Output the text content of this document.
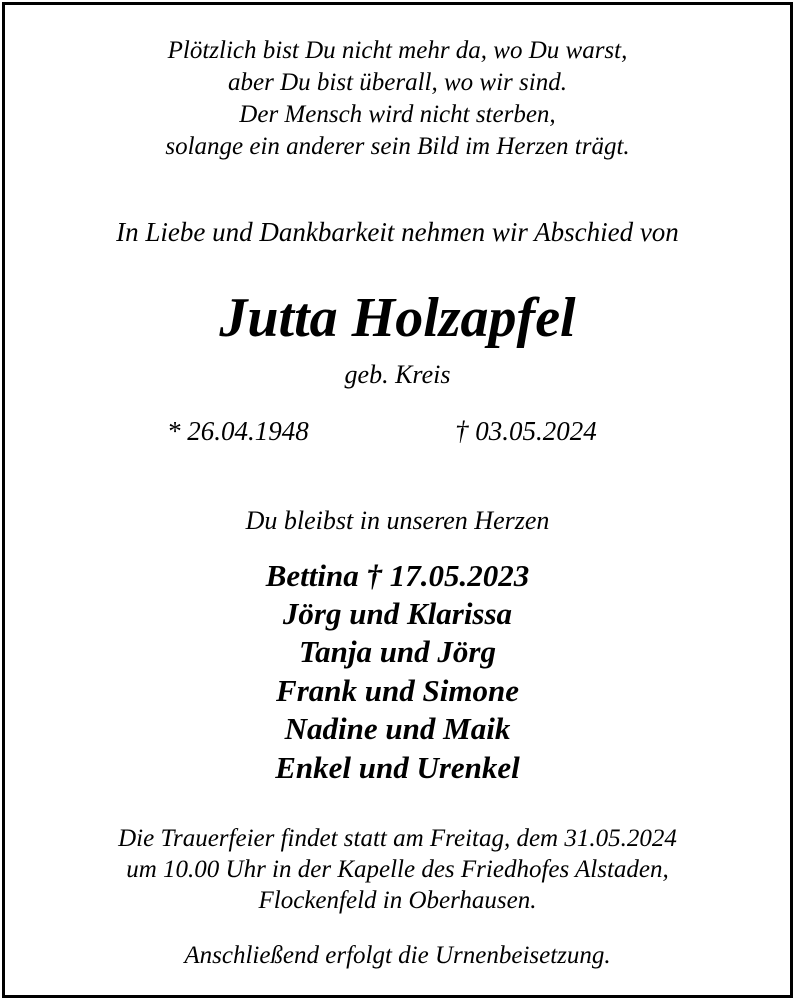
Plötzlich bist Du nicht mehr da, wo Du warst,
aber Du bist überall, wo wir sind.
Der Mensch wird nicht sterben,
solange ein anderer sein Bild im Herzen trägt.
In Liebe und Dankbarkeit nehmen wir Abschied von
Jutta Holzapfel
geb. Kreis
* 26.04.1948	† 03.05.2024
Du bleibst in unseren Herzen
Bettina † 17.05.2023
Jörg und Klarissa
Tanja und Jörg
Frank und Simone
Nadine und Maik
Enkel und Urenkel
Die Trauerfeier findet statt am Freitag, dem 31.05.2024
um 10.00 Uhr in der Kapelle des Friedhofes Alstaden,
Flockenfeld in Oberhausen.
Anschließend erfolgt die Urnenbeisetzung.
